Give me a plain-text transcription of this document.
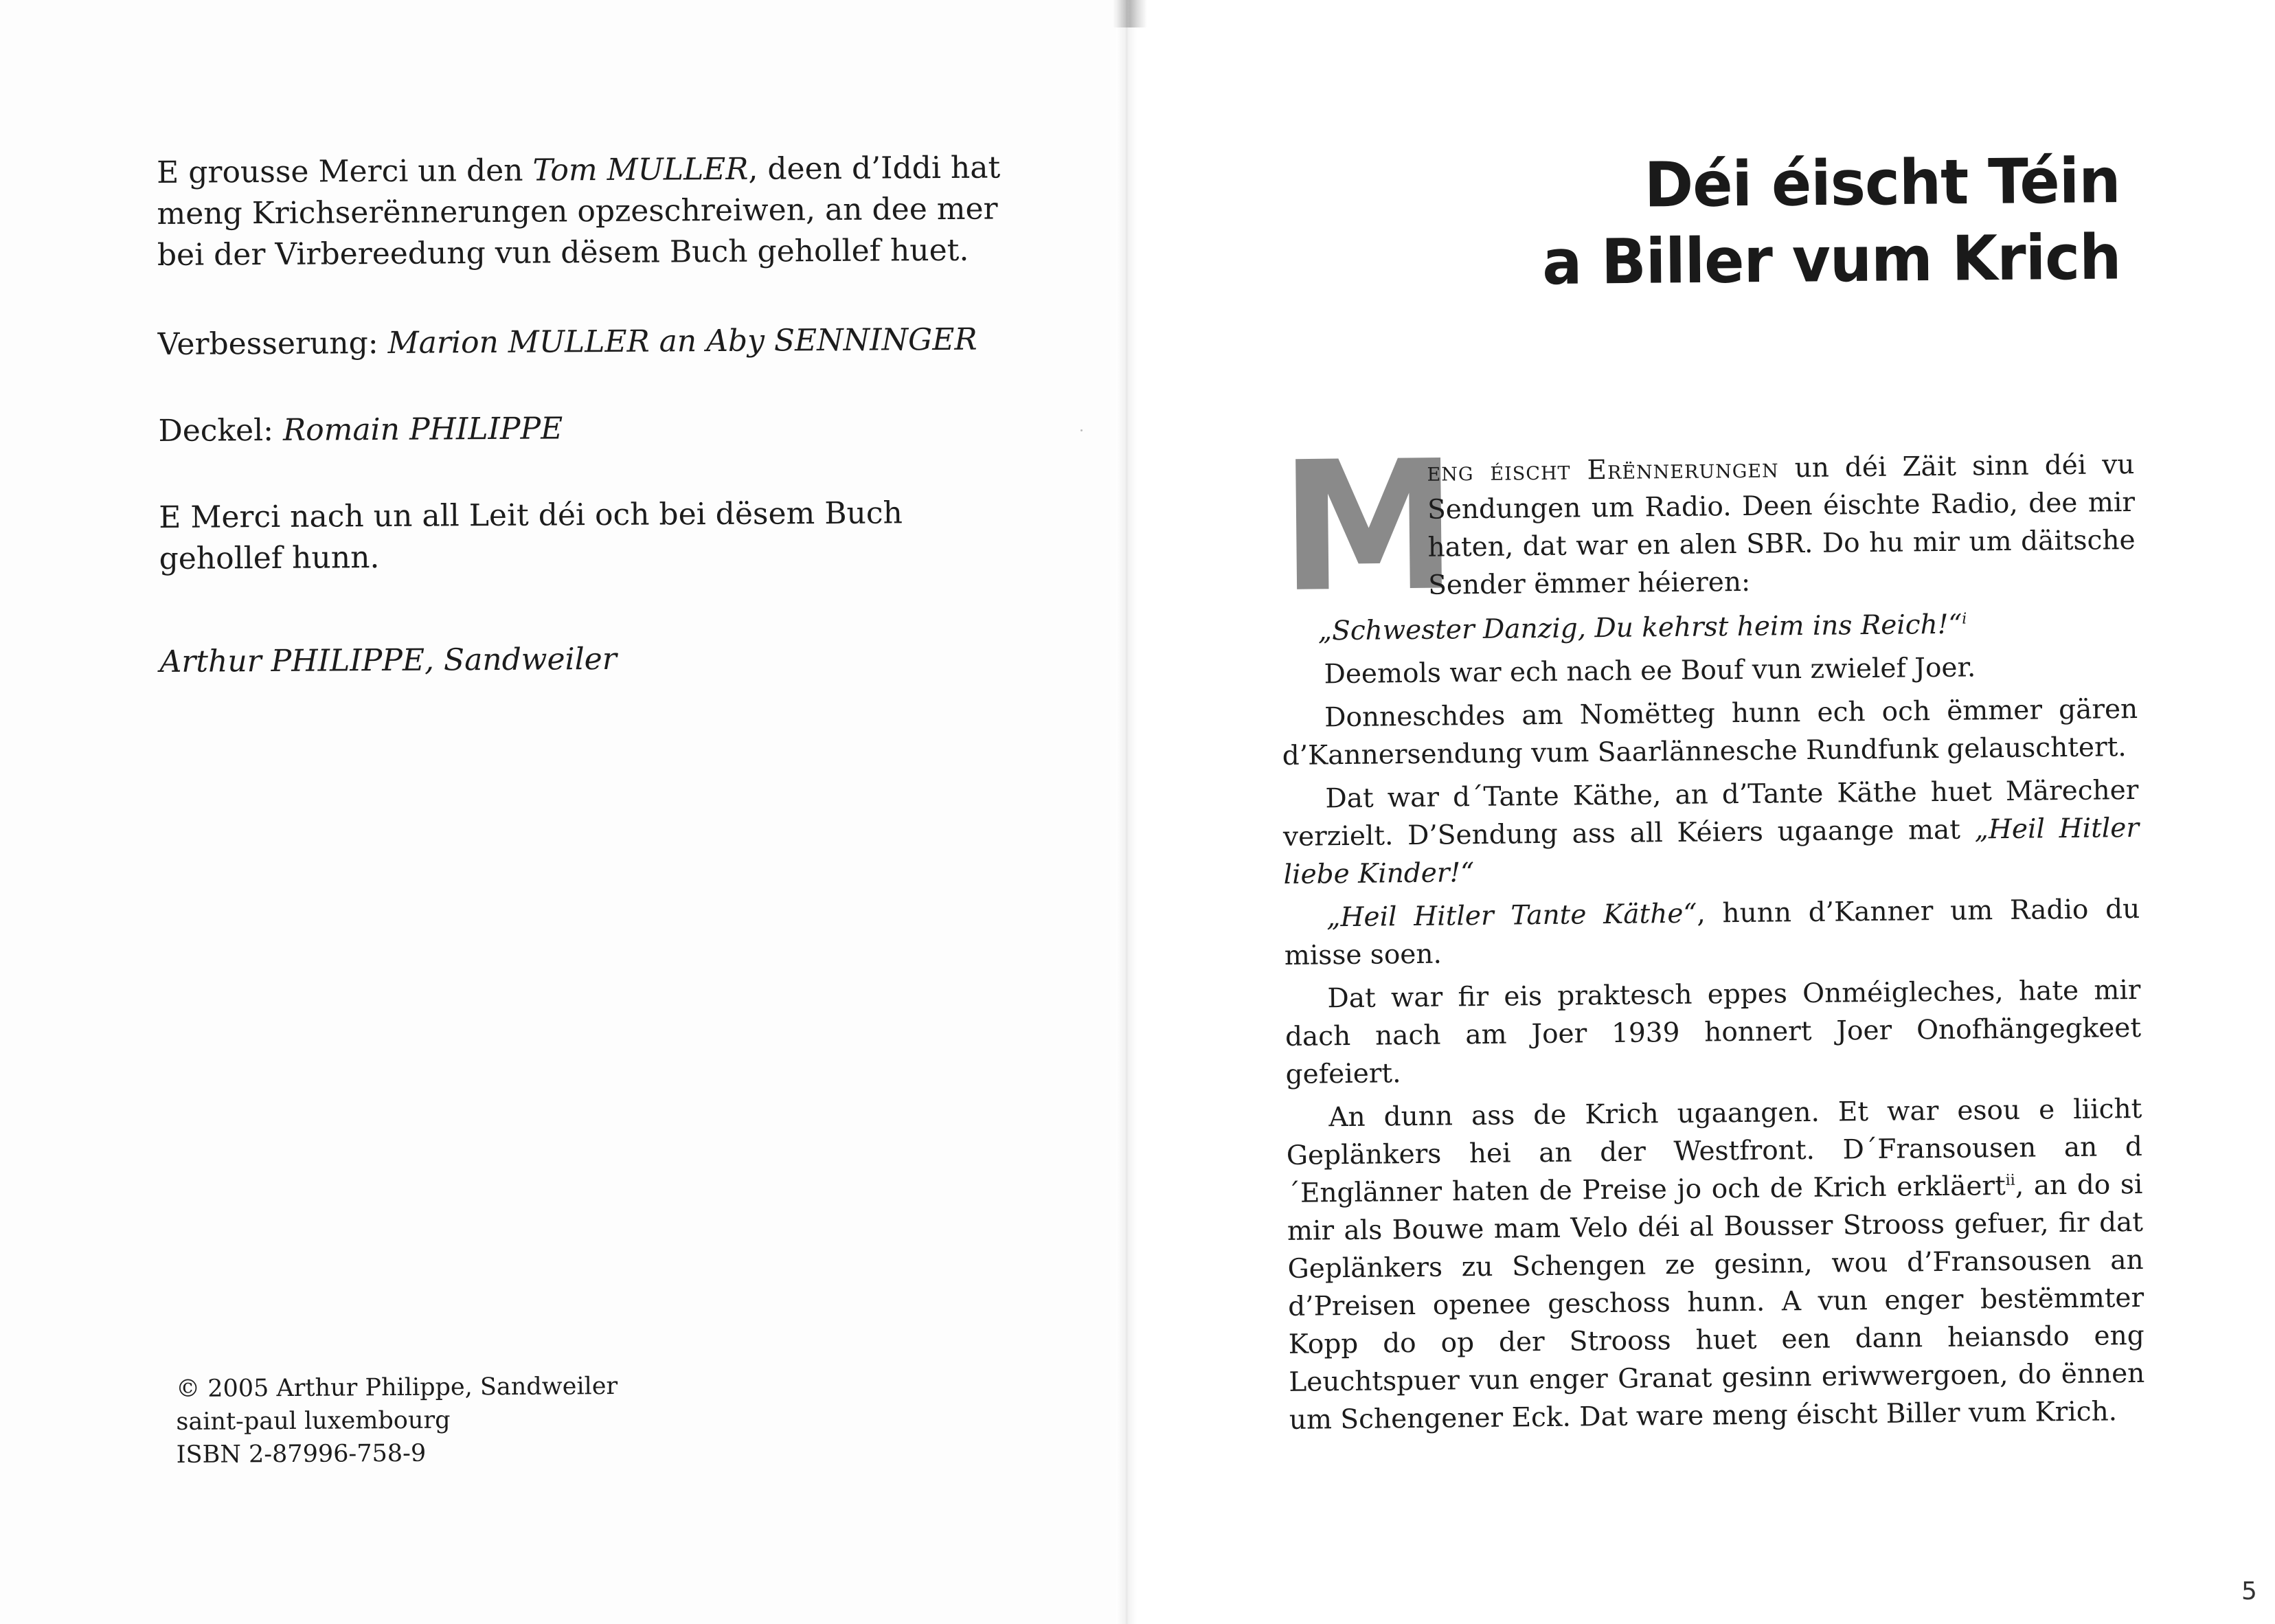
E grousse Merci un den Tom MULLER, deen d’Iddi hat meng Krichserënnerungen opzeschreiwen, an dee mer bei der Virbereedung vun dësem Buch gehollef huet.

Verbesserung: Marion MULLER an Aby SENNINGER

Deckel: Romain PHILIPPE

E Merci nach un all Leit déi och bei dësem Buch gehollef hunn.

Arthur PHILIPPE, Sandweiler

© 2005 Arthur Philippe, Sandweiler
saint-paul luxembourg
ISBN 2-87996-758-9
Déi éischt Téin
a Biller vum Krich
M
eng éischt Erënnerungen un déi Zäit sinn déi vu Sendungen um Radio. Deen éischte Radio, dee mir haten, dat war en alen SBR. Do hu mir um däitsche Sender ëmmer héieren:

„Schwester Danzig, Du kehrst heim ins Reich!“$^i$

Deemols war ech nach ee Bouf vun zwielef Joer.

Donneschdes am Nomëtteg hunn ech och ëmmer gären d’Kannersendung vum Saarlännesche Rundfunk gelauschtert.

Dat war d´Tante Käthe, an d’Tante Käthe huet Märecher verzielt. D’Sendung ass all Kéiers ugaange mat „Heil Hitler liebe Kinder!“

„Heil Hitler Tante Käthe“, hunn d’Kanner um Radio du misse soen.

Dat war fir eis praktesch eppes Onméigleches, hate mir dach nach am Joer 1939 honnert Joer Onofhängegkeet gefeiert.

An dunn ass de Krich ugaangen. Et war esou e liicht Geplänkers hei an der Westfront. D´Fransousen an d´Englänner haten de Preise jo och de Krich erkläert$^{ii}$, an do si mir als Bouwe mam Velo déi al Bousser Strooss gefuer, fir dat Geplänkers zu Schengen ze gesinn, wou d’Fransousen an d’Preisen openee geschoss hunn. A vun enger bestëmmter Kopp do op der Strooss huet een dann heiansdo eng Leuchtspuer vun enger Granat gesinn eriwwergoen, do ënnen um Schengener Eck. Dat ware meng éischt Biller vum Krich.

5
